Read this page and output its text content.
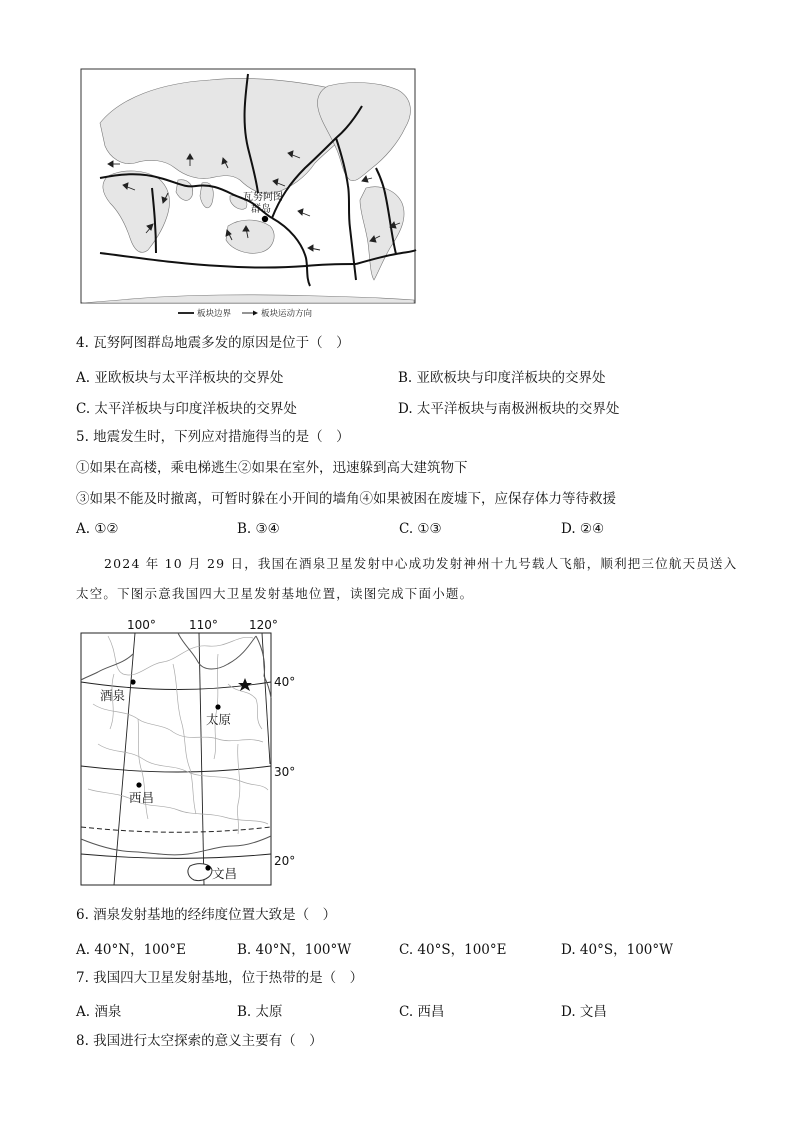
瓦努阿图
群岛
板块边界	板块运动方向
4. 瓦努阿图群岛地震多发的原因是位于（　）
A. 亚欧板块与太平洋板块的交界处	B. 亚欧板块与印度洋板块的交界处
C. 太平洋板块与印度洋板块的交界处	D. 太平洋板块与南极洲板块的交界处
5. 地震发生时，下列应对措施得当的是（　）
①如果在高楼，乘电梯逃生②如果在室外，迅速躲到高大建筑物下
③如果不能及时撤离，可暂时躲在小开间的墙角④如果被困在废墟下，应保存体力等待救援
A. ①②	B. ③④	C. ①③	D. ②④
2024 年 10 月 29 日，我国在酒泉卫星发射中心成功发射神州十九号载人飞船，顺利把三位航天员送入
太空。下图示意我国四大卫星发射基地位置，读图完成下面小题。
100°	110°	120°
酒泉
太原
西昌
文昌
40°
30°
20°
6. 酒泉发射基地的经纬度位置大致是（　）
A. 40°N，100°E	B. 40°N，100°W	C. 40°S，100°E	D. 40°S，100°W
7. 我国四大卫星发射基地，位于热带的是（　）
A. 酒泉	B. 太原	C. 西昌	D. 文昌
8. 我国进行太空探索的意义主要有（　）
